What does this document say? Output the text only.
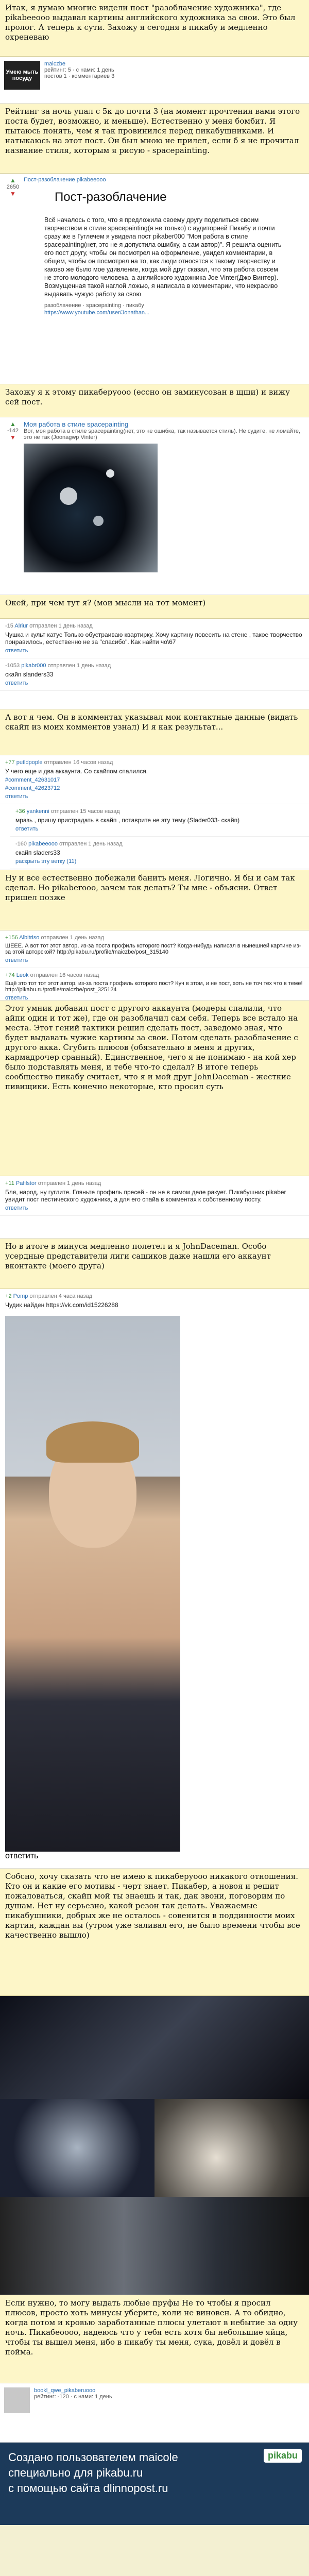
Итак, я думаю многие видели пост "разоблачение художника", где pikabeeooo выдавал картины английского художника за свои. Это был пролог. А теперь к сути. Захожу я сегодня в пикабу и медленно охреневаю

Умею мыть посуду
maiczbe
рейтинг: 5 · с нами: 1 день
постов 1 · комментариев 3

Рейтинг за ночь упал с 5к до почти 3 (на момент прочтения вами этого поста будет, возможно, и меньше). Естественно у меня бомбит. Я пытаюсь понять, чем я так провинился перед пикабушниками. И натыкаюсь на этот пост. Он был мною не прилеп, если б я не прочитал название стиля, которым я рисую - spacepainting.

▲
2650
▼
Пост-разоблачение pikabeeooo
Пост-разоблачение
Всё началось с того, что я предложила своему другу поделиться своим творчеством в стиле spacepainting(я не только) с аудиторией Пикабу и почти сразу же в Гуглечем я увидела пост pikaber000 "Моя работа в стиле spacepainting(нет, это не я допустила ошибку, а сам автор)". Я решила оценить его пост другу, чтобы он посмотрел на оформление, увидел комментарии, в общем, чтобы он посмотрел на то, как люди относятся к такому творчеству и каково же было мое удивление, когда мой друг сказал, что эта работа совсем не этого молодого человека, а английского художника Joe Vinter(Джо Винтер). Возмущенная такой наглой ложью, я написала в комментарии, что некрасиво выдавать чужую работу за свою
разоблачение · spacepainting · пикабу
https://www.youtube.com/user/Jonathan...

Захожу я к этому пикаберуооо (ессно он заминусован в щщи) и вижу сей пост.

▲
-142
▼
Моя работа в стиле spacepainting
Вот, моя работа в стиле spacepainting(нет, это не ошибка, так называется стиль). Не судите, не ломайте, это не так (Joonagwp Vinter)

Окей, при чем тут я? (мои мысли на тот момент)

-15 Alriur отправлен 1 день назад
Чушка и культ катус Только обустраиваю квартирку. Хочу картину повесить на стене , такое творчество понравилось, естественно не за "спасибо". Как найти чо\67
ответить
-1053 pikabr000 отправлен 1 день назад
скайп slanders33
ответить

А вот я чем. Он в комментах указывал мои контактные данные (видать скайп из моих комментов узнал) И я как результат...

+77 putldpople отправлен 16 часов назад
У чего еще и два аккаунта. Со скайпом спалился.
#comment_42631017
#comment_42623712
ответить
+36 yankenni отправлен 15 часов назад
мразь , пришу пристрадать в скайп , потаврите не эту тему (Slader033- скайп)
ответить
-160 pikabeeooo отправлен 1 день назад
скайп sladers33
раскрыть эту ветку (11)

Ну и все естественно побежали банить меня. Логично. Я бы и сам так сделал. Но pikaberooo, зачем так делать? Ты мне - объясни. Ответ пришел позже

+156 Albitriso отправлен 1 день назад
ШЕЕЕ. А вот тот этот автор, из-за поста профиль которого пост? Когда-нибудь написал в нынешней картине из-за этой авторской? http://pikabu.ru/profile/maiczbe/post_315140
ответить
+74 Leok отправлен 16 часов назад
Ещё это тот тот этот автор, из-за поста профиль которого пост? Куч в этом, и не пост, хоть не точ тех что в теме! http://pikabu.ru/profile/maiczbe/post_325124
ответить

Этот умник добавил пост с другого аккаунта (модеры спалили, что айпи один и тот же), где он разоблачил сам себя. Теперь все встало на места. Этот гений тактики решил сделать пост, заведомо зная, что будет выдавать чужие картины за свои. Потом сделать разоблачение с другого акка. Сгубить плюсов (обязательно в меня и других, кармадрочер сранный). Единственное, чего я не понимаю - на кой хер было подставлять меня, и тебе что-то сделал? В итоге теперь сообщество пикабу считает, что я и мой друг JohnDaceman - жесткие пивищики. Есть конечно некоторые, кто просил суть

+11 Pafilstor отправлен 1 день назад
Бля, народ, ну гуглите. Гляньте профиль пресей - он не в самом деле ракует. Пикабушник pikaber увидит пост пестического художника, а для его спайа в комментах к собственному посту.
ответить

Но в итоге в минуса медленно полетел и я JohnDaceman. Особо усердные представители лиги сашиков даже нашли его аккаунт вконтакте (моего друга)

+2 Pomp отправлен 4 часа назад
Чудик найден https://vk.com/id15226288
ответить

Собсно, хочу сказать что не имею к пикаберуооо никакого отношения. Кто он и какие его мотивы - черт знает. Пикабер, а новоя и решит пожаловаться, скайп мой ты знаешь и так, дак звони, поговорим по душам. Нет ну серьезно, какой резон так делать. Уважаемые пикабушники, добрых же не осталось - совенится в поддинности моих картин, каждан вы (утром уже заливал его, не было времени чтобы все качественно вышло)

Если нужно, то могу выдать любые пруфы Не то чтобы я просил плюсов, просто хоть минусы уберите, коли не виновен. А то обидно, когда потом и кровью заработанные плюсы улетают в небытие за одну ночь. Пикабеоооо, надеюсь что у тебя есть хотя бы небольшие яйца, чтобы ты вышел меня, ибо в пикабу ты меня, сука, довёл и довёл в пойма.

bookl_qwe_pikaberuooo
рейтинг: -120 · с нами: 1 день
Создано пользователем maicole
специально для pikabu.ru
с помощью сайта dlinnopost.ru
pikabu
